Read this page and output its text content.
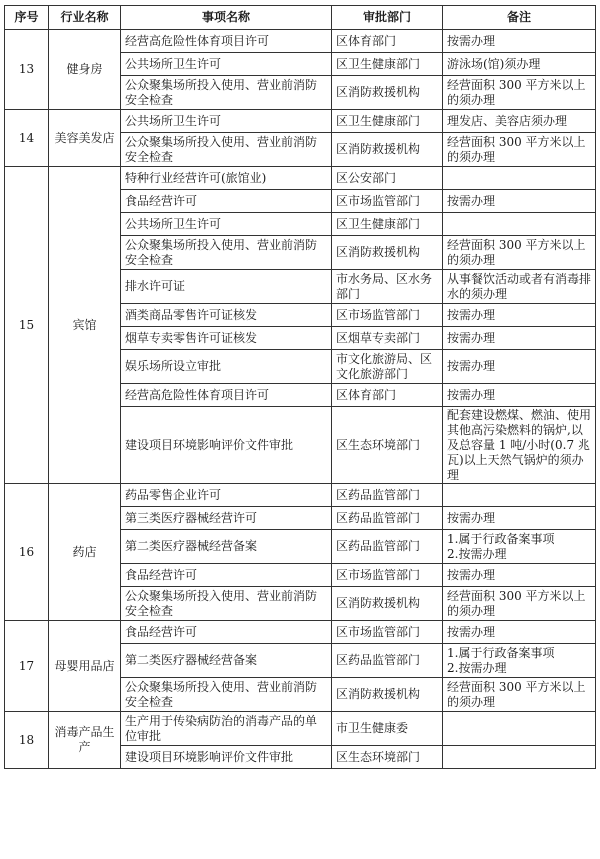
序号	行业名称	事项名称	审批部门	备注
13	健身房	经营高危险性体育项目许可	区体育部门	按需办理
		公共场所卫生许可	区卫生健康部门	游泳场(馆)须办理
		公众聚集场所投入使用、营业前消防安全检查	区消防救援机构	经营面积 300 平方米以上的须办理
14	美容美发店	公共场所卫生许可	区卫生健康部门	理发店、美容店须办理
		公众聚集场所投入使用、营业前消防安全检查	区消防救援机构	经营面积 300 平方米以上的须办理
15	宾馆	特种行业经营许可(旅馆业)	区公安部门	
		食品经营许可	区市场监管部门	按需办理
		公共场所卫生许可	区卫生健康部门	
		公众聚集场所投入使用、营业前消防安全检查	区消防救援机构	经营面积 300 平方米以上的须办理
		排水许可证	市水务局、区水务部门	从事餐饮活动或者有消毒排水的须办理
		酒类商品零售许可证核发	区市场监管部门	按需办理
		烟草专卖零售许可证核发	区烟草专卖部门	按需办理
		娱乐场所设立审批	市文化旅游局、区文化旅游部门	按需办理
		经营高危险性体育项目许可	区体育部门	按需办理
		建设项目环境影响评价文件审批	区生态环境部门	配套建设燃煤、燃油、使用其他高污染燃料的锅炉,以及总容量 1 吨/小时(0.7 兆瓦)以上天然气锅炉的须办理
16	药店	药品零售企业许可	区药品监管部门	
		第三类医疗器械经营许可	区药品监管部门	按需办理
		第二类医疗器械经营备案	区药品监管部门	1.属于行政备案事项
2.按需办理
		食品经营许可	区市场监管部门	按需办理
		公众聚集场所投入使用、营业前消防安全检查	区消防救援机构	经营面积 300 平方米以上的须办理
17	母婴用品店	食品经营许可	区市场监管部门	按需办理
		第二类医疗器械经营备案	区药品监管部门	1.属于行政备案事项
2.按需办理
		公众聚集场所投入使用、营业前消防安全检查	区消防救援机构	经营面积 300 平方米以上的须办理
18	消毒产品生产	生产用于传染病防治的消毒产品的单位审批	市卫生健康委	
		建设项目环境影响评价文件审批	区生态环境部门	
